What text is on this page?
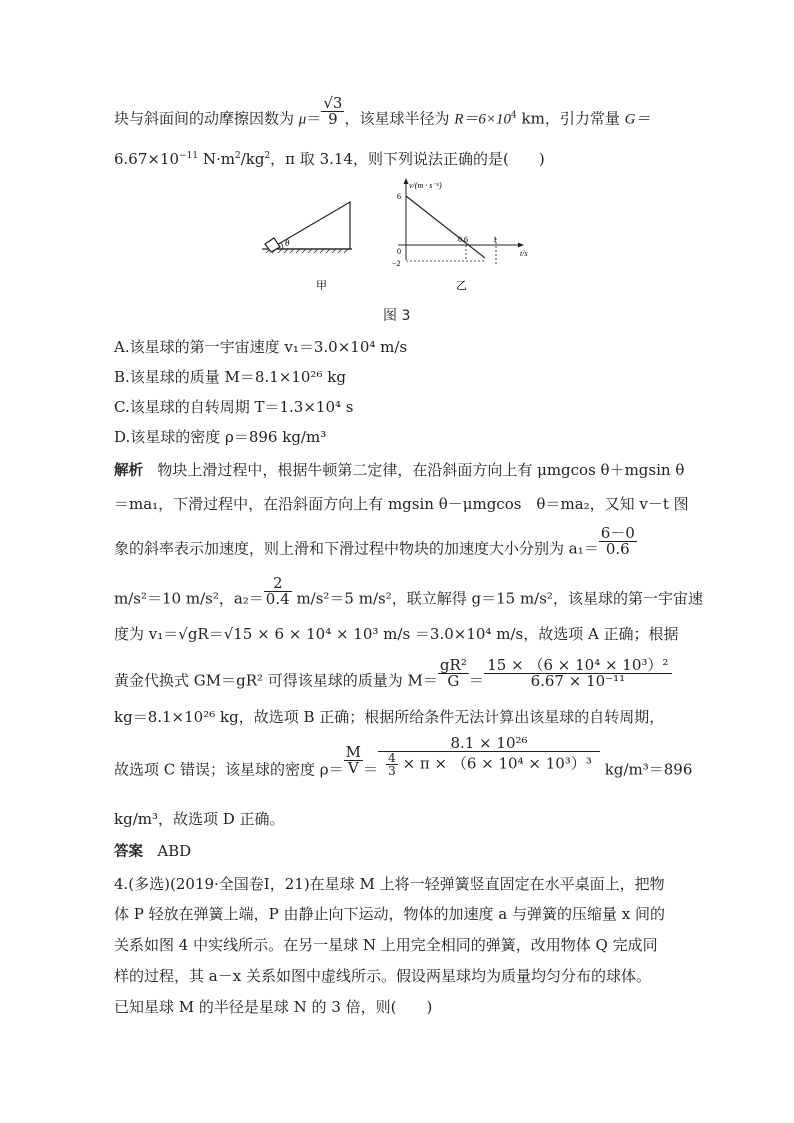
块与斜面间的动摩擦因数为 $\mu= \frac{√3}{9}$ ，该星球半径为 $R=6\times 10^4$ km，引力常量 G＝
$6.67\times 10^{-11}$ $N\cdot m^2/kg^2$，π 取 3.14，则下列说法正确的是(　　)
θ
甲
v/(m · s⁻¹)
t/s
6
0
−2
0.6	1
乙
图 3
A.该星球的第一宇宙速度 v₁＝3.0×10⁴ m/s
B.该星球的质量 M＝8.1×10²⁶ kg
C.该星球的自转周期 T＝1.3×10⁴ s
D.该星球的密度 ρ＝896 kg/m³
解析 物块上滑过程中，根据牛顿第二定律，在沿斜面方向上有 μmgcos θ＋mgsin θ
＝ma₁，下滑过程中，在沿斜面方向上有 mgsin θ－μmgcos　θ＝ma₂，又知 v－t 图
象的斜率表示加速度，则上滑和下滑过程中物块的加速度大小分别为 $a_1= \frac{6-0}{0.6}$
m/s²＝10 m/s²，$a_2= \frac{2}{0.4} m/s^2=5$ m/s²，联立解得 g＝15 m/s²，该星球的第一宇宙速
度为 v₁＝√gR＝√15 × 6 × 10⁴ × 10³ m/s ＝3.0×10⁴ m/s，故选项 A 正确；根据
黄金代换式 GM＝gR² 可得该星球的质量为 $M= \frac{\text{gR²}}{G} = \frac{\text{15 × （6 × 10⁴ × 10³）²}}{\text{6.67 × 10⁻¹¹}}$
kg＝8.1×10²⁶ kg，故选项 B 正确；根据所给条件无法计算出该星球的自转周期，
故选项 C 错误；该星球的密度 $\rho= \frac{M}{V} = \frac{\text{8.1 × 10²⁶}}{\frac{4}{3} \times \pi \times (6 \times 10^4 \times 10^3)^3} kg/m^3=896$
kg/m³，故选项 D 正确。
答案 ABD
4.(多选)(2019·全国卷Ⅰ，21)在星球 M 上将一轻弹簧竖直固定在水平桌面上，把物
体 P 轻放在弹簧上端，P 由静止向下运动，物体的加速度 a 与弹簧的压缩量 x 间的
关系如图 4 中实线所示。在另一星球 N 上用完全相同的弹簧，改用物体 Q 完成同
样的过程，其 a－x 关系如图中虚线所示。假设两星球均为质量均匀分布的球体。
已知星球 M 的半径是星球 N 的 3 倍，则(　　)
